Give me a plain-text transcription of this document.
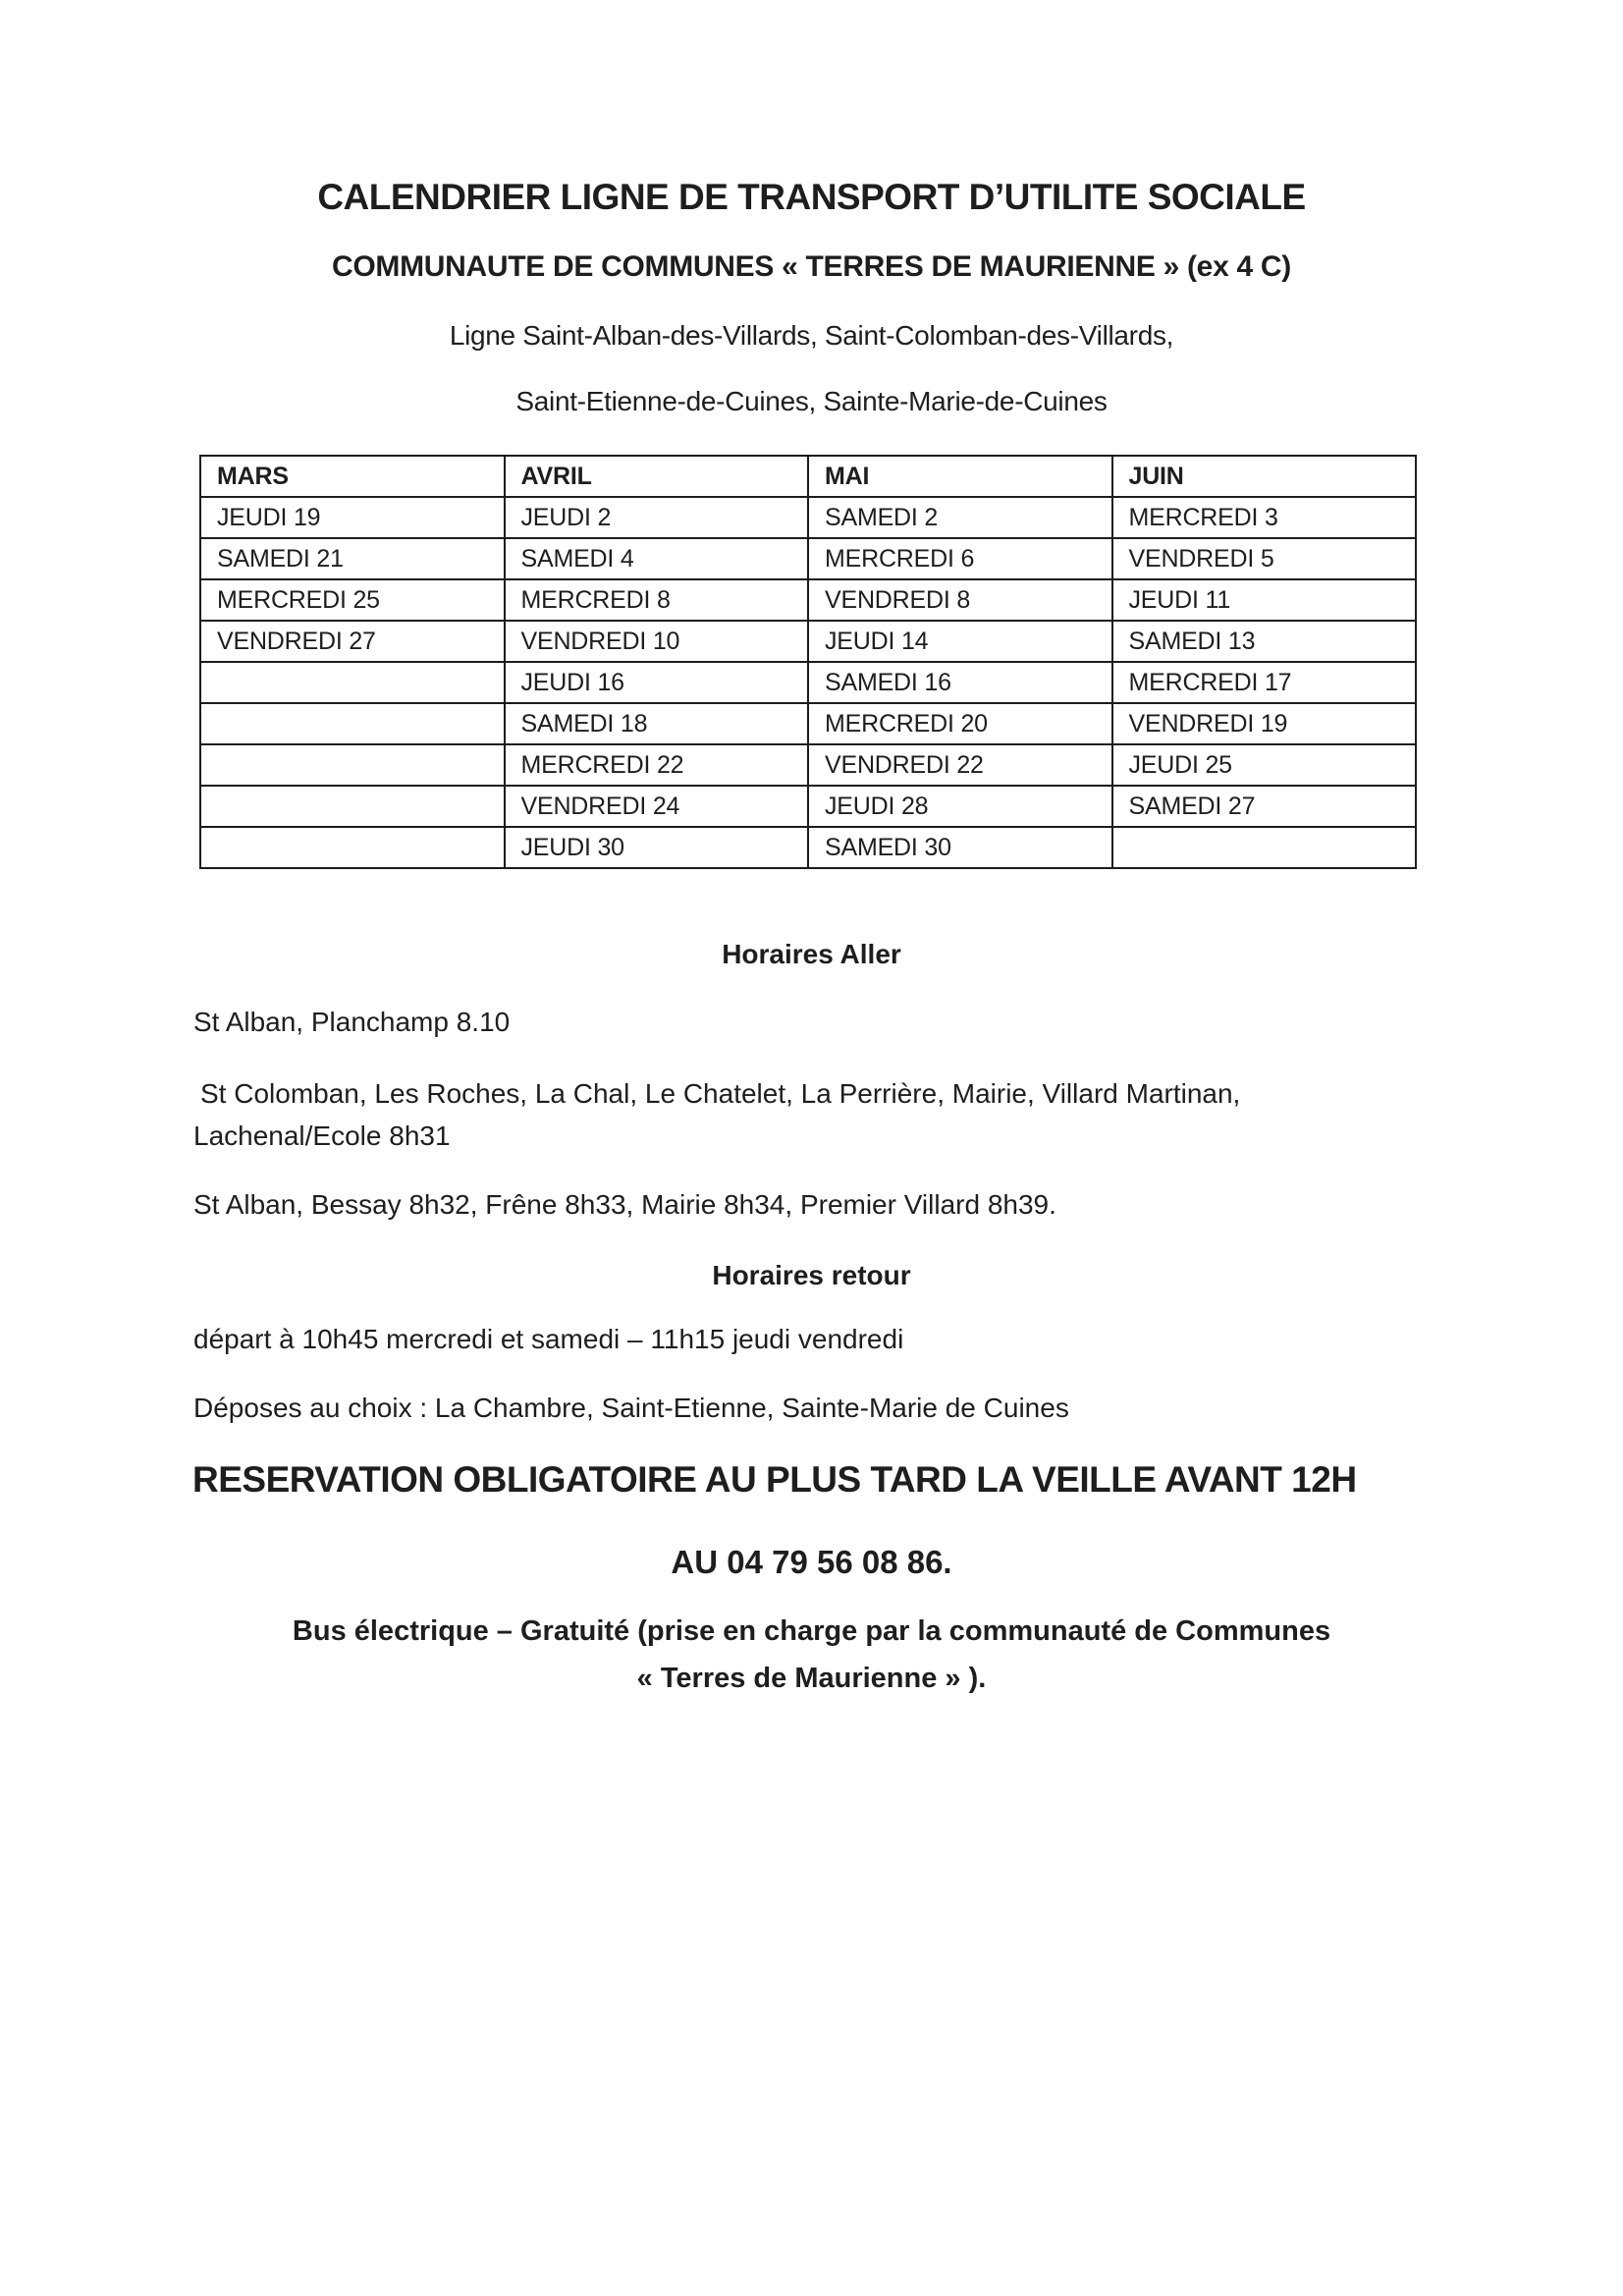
CALENDRIER LIGNE DE TRANSPORT D’UTILITE SOCIALE
COMMUNAUTE DE COMMUNES « TERRES DE MAURIENNE » (ex 4 C)
Ligne Saint-Alban-des-Villards, Saint-Colomban-des-Villards,
Saint-Etienne-de-Cuines, Sainte-Marie-de-Cuines
MARS	AVRIL	MAI	JUIN
JEUDI 19	JEUDI 2	SAMEDI 2	MERCREDI 3
SAMEDI 21	SAMEDI 4	MERCREDI 6	VENDREDI 5
MERCREDI 25	MERCREDI 8	VENDREDI 8	JEUDI 11
VENDREDI 27	VENDREDI 10	JEUDI 14	SAMEDI 13
	JEUDI 16	SAMEDI 16	MERCREDI 17
	SAMEDI 18	MERCREDI 20	VENDREDI 19
	MERCREDI 22	VENDREDI 22	JEUDI 25
	VENDREDI 24	JEUDI 28	SAMEDI 27
	JEUDI 30	SAMEDI 30	
Horaires Aller
St Alban, Planchamp 8.10
St Colomban, Les Roches, La Chal, Le Chatelet, La Perrière, Mairie, Villard Martinan,
Lachenal/Ecole 8h31
St Alban, Bessay 8h32, Frêne 8h33, Mairie 8h34, Premier Villard 8h39.
Horaires retour
départ à 10h45 mercredi et samedi – 11h15 jeudi vendredi
Déposes au choix : La Chambre, Saint-Etienne, Sainte-Marie de Cuines
RESERVATION OBLIGATOIRE AU PLUS TARD LA VEILLE AVANT 12H
AU 04 79 56 08 86.
Bus électrique – Gratuité (prise en charge par la communauté de Communes
« Terres de Maurienne » ).
